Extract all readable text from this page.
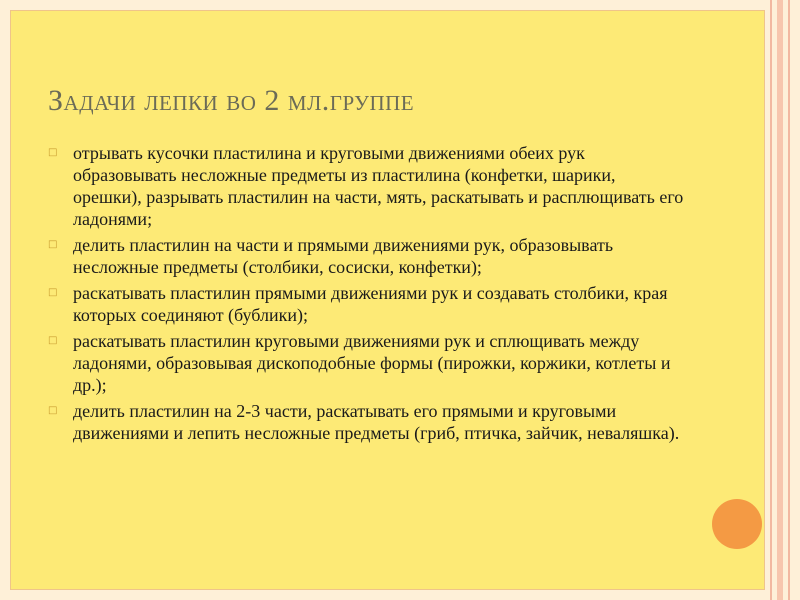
Задачи лепки во 2 мл.группе
□ отрывать кусочки пластилина и круговыми движениями обеих рук образовывать несложные предметы из пластилина (конфетки, шарики, орешки), разрывать пластилин на части, мять, раскатывать и расплющивать его ладонями;
□ делить пластилин на части и прямыми движениями рук, образовывать несложные предметы (столбики, сосиски, конфетки);
□ раскатывать пластилин прямыми движениями рук и создавать столбики, края которых соединяют (бублики);
□ раскатывать пластилин круговыми движениями рук и сплющивать между ладонями, образовывая дископодобные формы (пирожки, коржики, котлеты и др.);
□ делить пластилин на 2-3 части, раскатывать его прямыми и круговыми движениями и лепить несложные предметы (гриб, птичка, зайчик, неваляшка).
